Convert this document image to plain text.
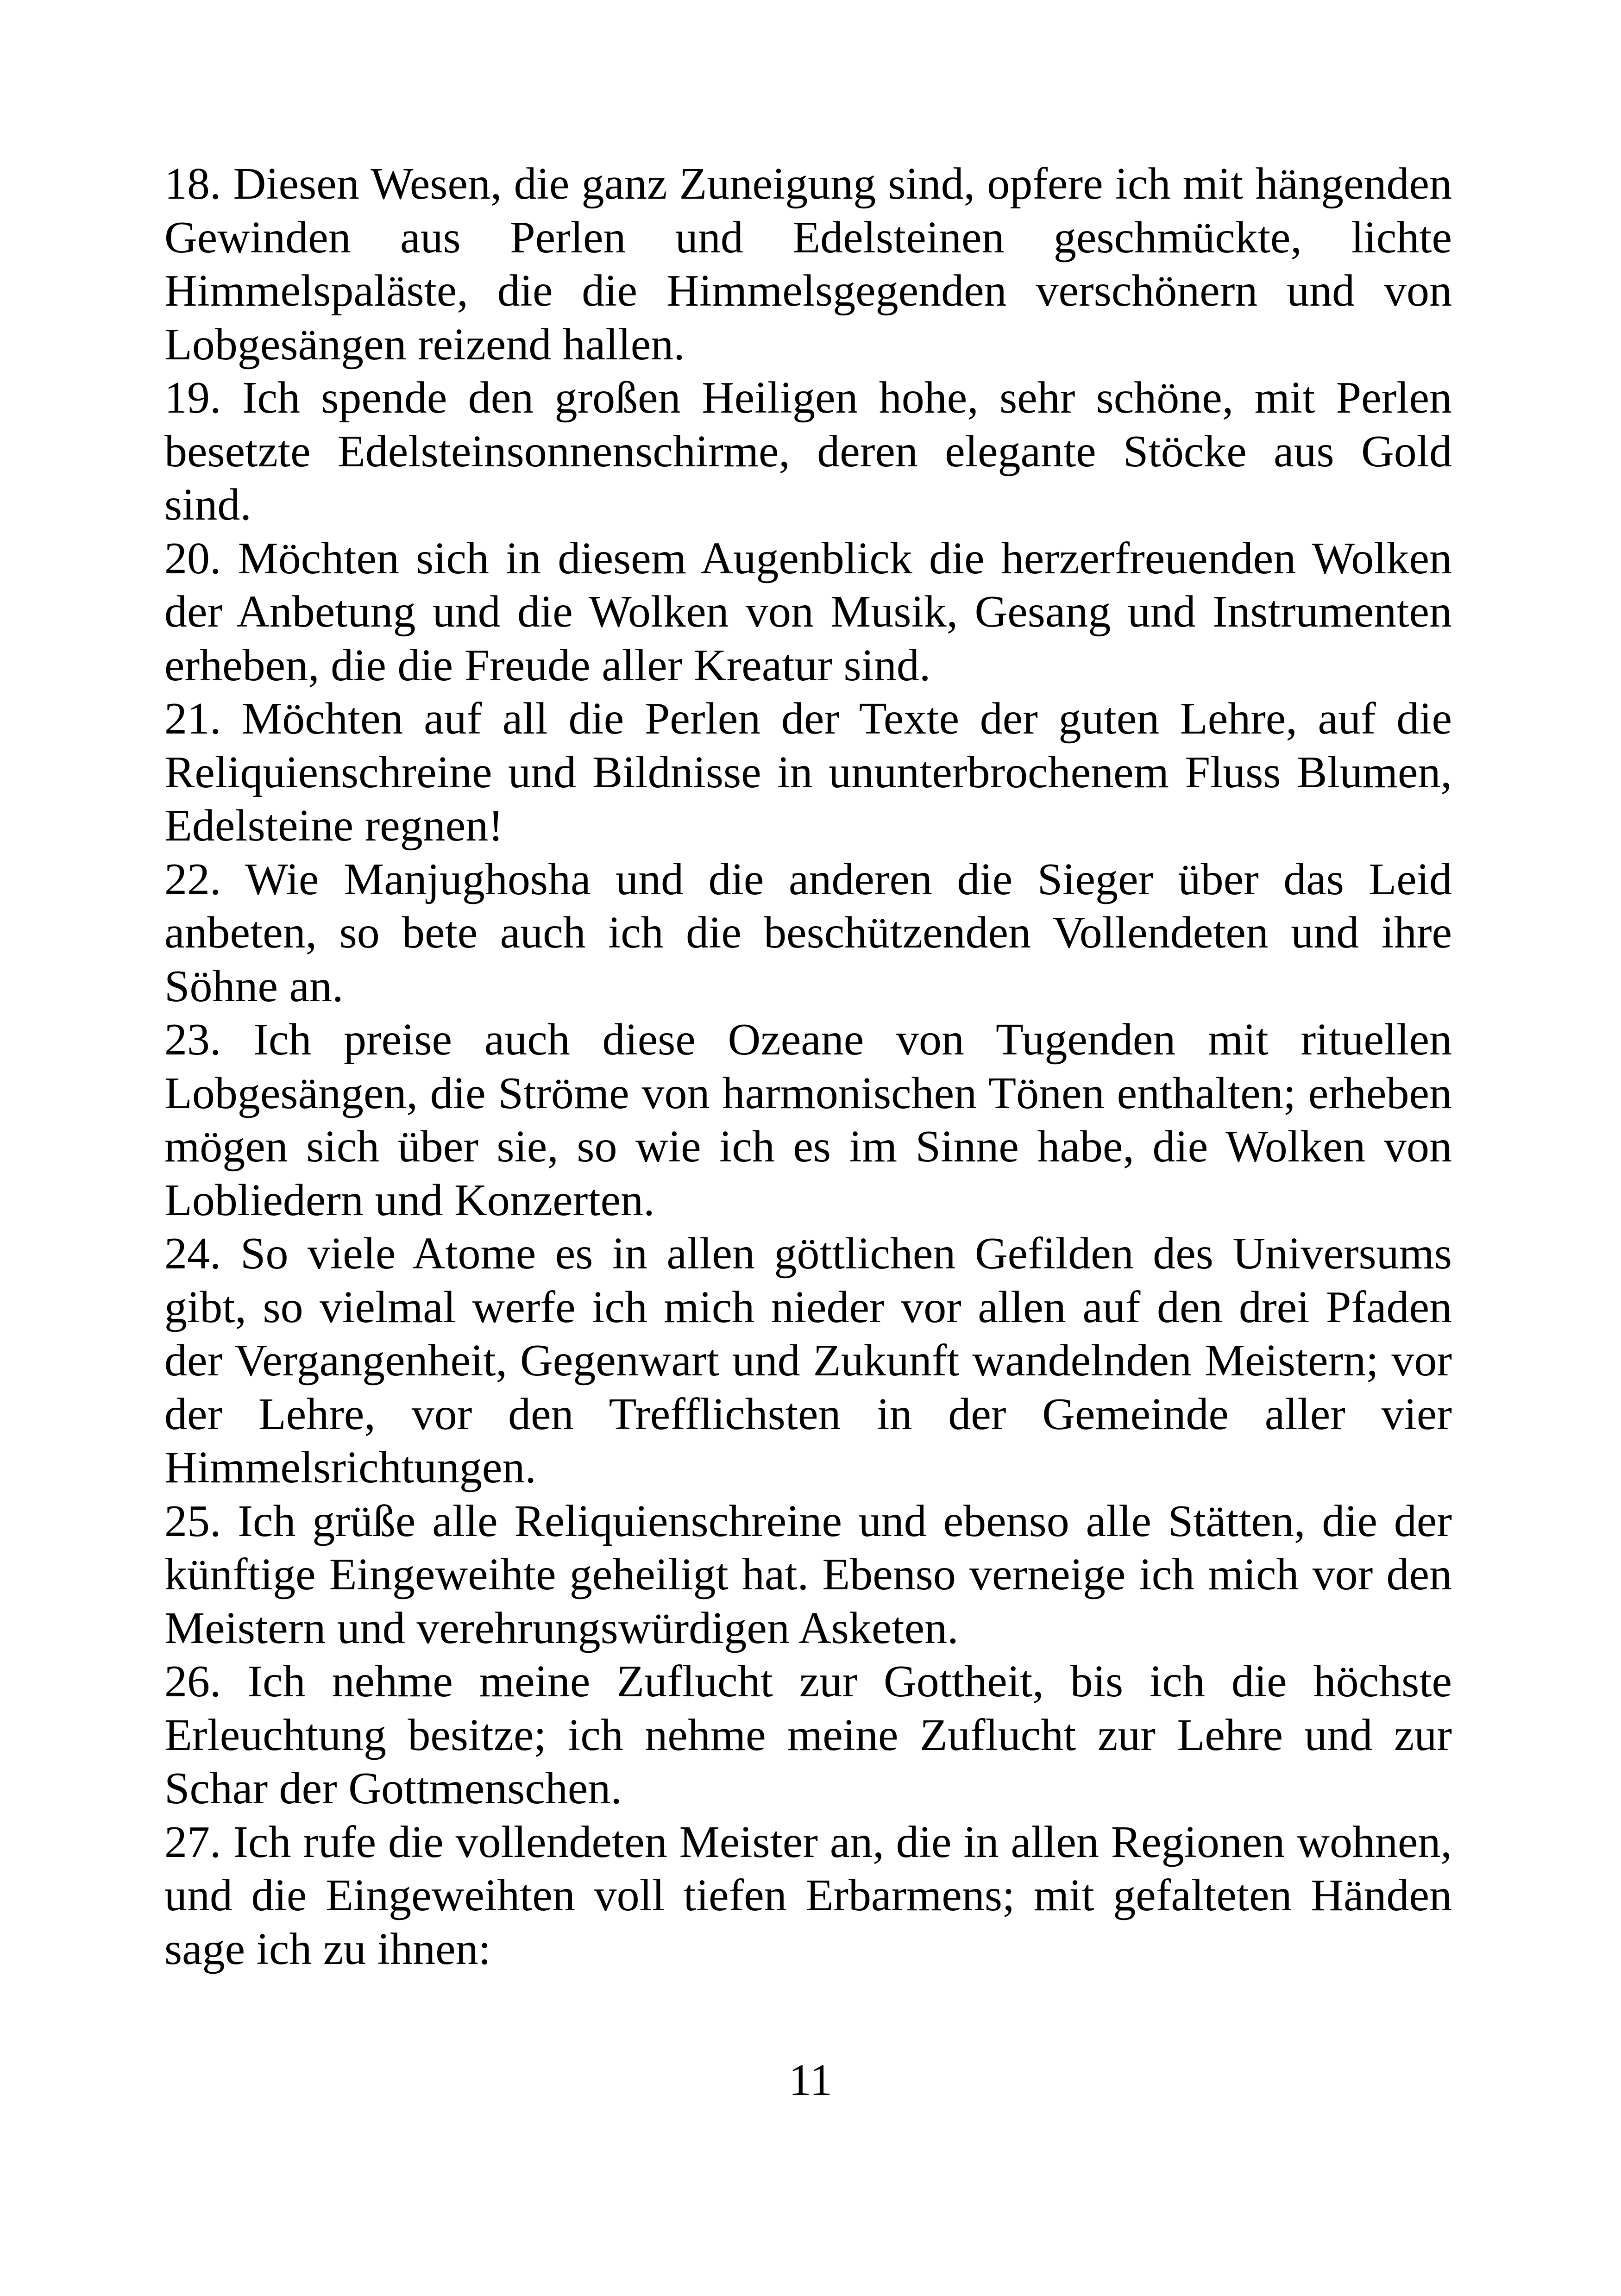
18. Diesen Wesen, die ganz Zuneigung sind, opfere ich mit hängenden Gewinden aus Perlen und Edelsteinen geschmückte, lichte Himmelspaläste, die die Himmelsgegenden verschönern und von Lobgesängen reizend hallen.

19. Ich spende den großen Heiligen hohe, sehr schöne, mit Perlen besetzte Edelsteinsonnenschirme, deren elegante Stöcke aus Gold sind.

20. Möchten sich in diesem Augenblick die herzerfreuenden Wolken der Anbetung und die Wolken von Musik, Gesang und Instrumenten erheben, die die Freude aller Kreatur sind.

21. Möchten auf all die Perlen der Texte der guten Lehre, auf die Reliquienschreine und Bildnisse in ununterbrochenem Fluss Blumen, Edelsteine regnen!

22. Wie Manjughosha und die anderen die Sieger über das Leid anbeten, so bete auch ich die beschützenden Vollendeten und ihre Söhne an.

23. Ich preise auch diese Ozeane von Tugenden mit rituellen Lobgesängen, die Ströme von harmonischen Tönen enthalten; erheben mögen sich über sie, so wie ich es im Sinne habe, die Wolken von Lobliedern und Konzerten.

24. So viele Atome es in allen göttlichen Gefilden des Universums gibt, so vielmal werfe ich mich nieder vor allen auf den drei Pfaden der Vergangenheit, Gegenwart und Zukunft wandelnden Meistern; vor der Lehre, vor den Trefflichsten in der Gemeinde aller vier Himmelsrichtungen.

25. Ich grüße alle Reliquienschreine und ebenso alle Stätten, die der künftige Eingeweihte geheiligt hat. Ebenso verneige ich mich vor den Meistern und verehrungswürdigen Asketen.

26. Ich nehme meine Zuflucht zur Gottheit, bis ich die höchste Erleuchtung besitze; ich nehme meine Zuflucht zur Lehre und zur Schar der Gottmenschen.

27. Ich rufe die vollendeten Meister an, die in allen Regionen wohnen, und die Eingeweihten voll tiefen Erbarmens; mit gefalteten Händen sage ich zu ihnen:

11
